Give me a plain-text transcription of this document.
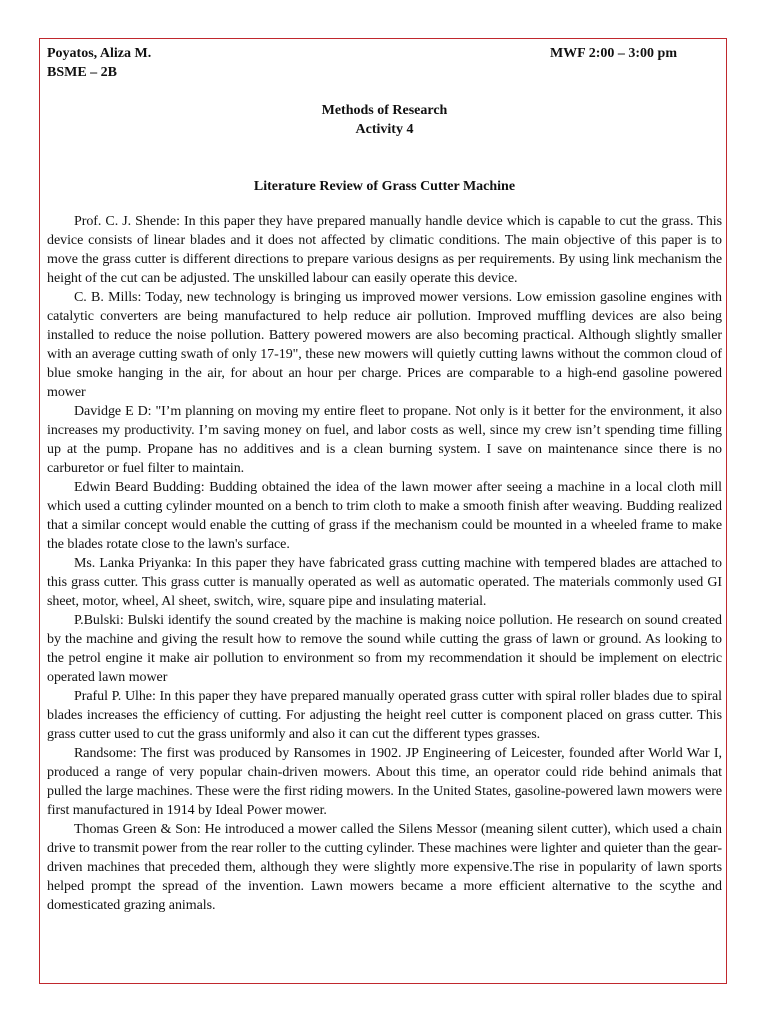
Poyatos, Aliza M.	MWF 2:00 – 3:00 pm
BSME – 2B
Methods of Research
Activity 4
Literature Review of Grass Cutter Machine

Prof. C. J. Shende: In this paper they have prepared manually handle device which is capable to cut the grass. This device consists of linear blades and it does not affected by climatic conditions. The main objective of this paper is to move the grass cutter is different directions to prepare various designs as per requirements. By using link mechanism the height of the cut can be adjusted. The unskilled labour can easily operate this device.

C. B. Mills: Today, new technology is bringing us improved mower versions. Low emission gasoline engines with catalytic converters are being manufactured to help reduce air pollution. Improved muffling devices are also being installed to reduce the noise pollution. Battery powered mowers are also becoming practical. Although slightly smaller with an average cutting swath of only 17-19", these new mowers will quietly cutting lawns without the common cloud of blue smoke hanging in the air, for about an hour per charge. Prices are comparable to a high-end gasoline powered mower

Davidge E D: "I’m planning on moving my entire fleet to propane. Not only is it better for the environment, it also increases my productivity. I’m saving money on fuel, and labor costs as well, since my crew isn’t spending time filling up at the pump. Propane has no additives and is a clean burning system. I save on maintenance since there is no carburetor or fuel filter to maintain.

Edwin Beard Budding: Budding obtained the idea of the lawn mower after seeing a machine in a local cloth mill which used a cutting cylinder mounted on a bench to trim cloth to make a smooth finish after weaving. Budding realized that a similar concept would enable the cutting of grass if the mechanism could be mounted in a wheeled frame to make the blades rotate close to the lawn's surface.

Ms. Lanka Priyanka: In this paper they have fabricated grass cutting machine with tempered blades are attached to this grass cutter. This grass cutter is manually operated as well as automatic operated. The materials commonly used GI sheet, motor, wheel, Al sheet, switch, wire, square pipe and insulating material.

P.Bulski: Bulski identify the sound created by the machine is making noice pollution. He research on sound created by the machine and giving the result how to remove the sound while cutting the grass of lawn or ground. As looking to the petrol engine it make air pollution to environment so from my recommendation it should be implement on electric operated lawn mower

Praful P. Ulhe: In this paper they have prepared manually operated grass cutter with spiral roller blades due to spiral blades increases the efficiency of cutting. For adjusting the height reel cutter is component placed on grass cutter. This grass cutter used to cut the grass uniformly and also it can cut the different types grasses.

Randsome: The first was produced by Ransomes in 1902. JP Engineering of Leicester, founded after World War I, produced a range of very popular chain-driven mowers. About this time, an operator could ride behind animals that pulled the large machines. These were the first riding mowers. In the United States, gasoline-powered lawn mowers were first manufactured in 1914 by Ideal Power mower.

Thomas Green & Son: He introduced a mower called the Silens Messor (meaning silent cutter), which used a chain drive to transmit power from the rear roller to the cutting cylinder. These machines were lighter and quieter than the gear-driven machines that preceded them, although they were slightly more expensive.The rise in popularity of lawn sports helped prompt the spread of the invention. Lawn mowers became a more efficient alternative to the scythe and domesticated grazing animals.
